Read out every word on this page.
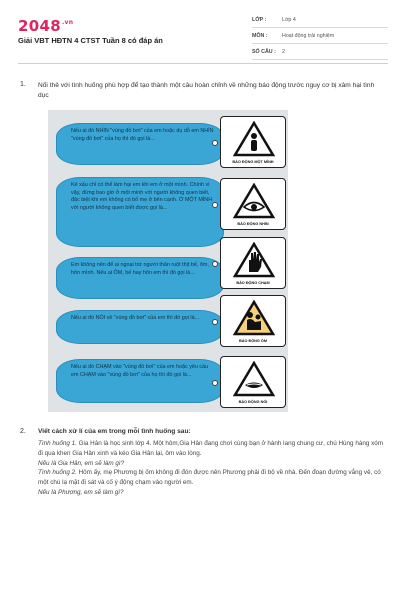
$2048^{.vn}$
Giải VBT HĐTN 4 CTST Tuần 8 có đáp án
LỚP :	Lớp 4
MÔN :	Hoạt động trải nghiệm
SỐ CÂU :	2
1. Nối thẻ với tình huống phù hợp để tạo thành một câu hoàn chỉnh về những báo động trước nguy cơ bị xâm hại tình dục
Nếu ai đó NHÌN "vùng đồ bơi" của em hoặc dụ dỗ em NHÌN "vùng đồ bơi" của họ thì đó gọi là...
Kẻ xấu chỉ có thể làm hại em khi em ở một mình. Chính vì vậy, đừng bao giờ ở một mình với người không quen biết, đặc biệt khi em không có bố mẹ ở bên cạnh. Ở MỘT MÌNH với người không quen biết được gọi là...
Em không nên để ai ngoại trừ người thân ruột thịt bế, ôm, hôn mình. Nếu ai ÔM, bế hay hôn em thì đó gọi là...
Nếu ai đó NÓI về "vùng đồ bơi" của em thì đó gọi là...
Nếu ai đó CHẠM vào "vùng đồ bơi" của em hoặc yêu cầu em CHẠM vào "vùng đồ bơi" của họ thì đó gọi là...
BÁO ĐỘNG MỘT MÌNH
BÁO ĐỘNG NHÌN
BÁO ĐỘNG CHẠM
BÁO ĐỘNG ÔM
BÁO ĐỘNG NÓI
2. Viết cách xử lí của em trong mỗi tình huống sau:

Tình huống 1. Gia Hân là học sinh lớp 4. Một hôm,Gia Hân đang chơi cùng bạn ở hành lang chung cư, chú Hùng hàng xóm đi qua khen Gia Hân xinh và kéo Gia Hân lại, ôm vào lòng.

Nếu là Gia Hân, em sẽ làm gì?

Tình huống 2. Hôm ấy, mẹ Phương bị ốm không đi đón được nên Phương phải đi bộ về nhà. Đến đoạn đường vắng vẻ, có một chú lạ mặt đi sát và cố ý động chạm vào người em.

Nếu là Phương, em sẽ làm gì?
